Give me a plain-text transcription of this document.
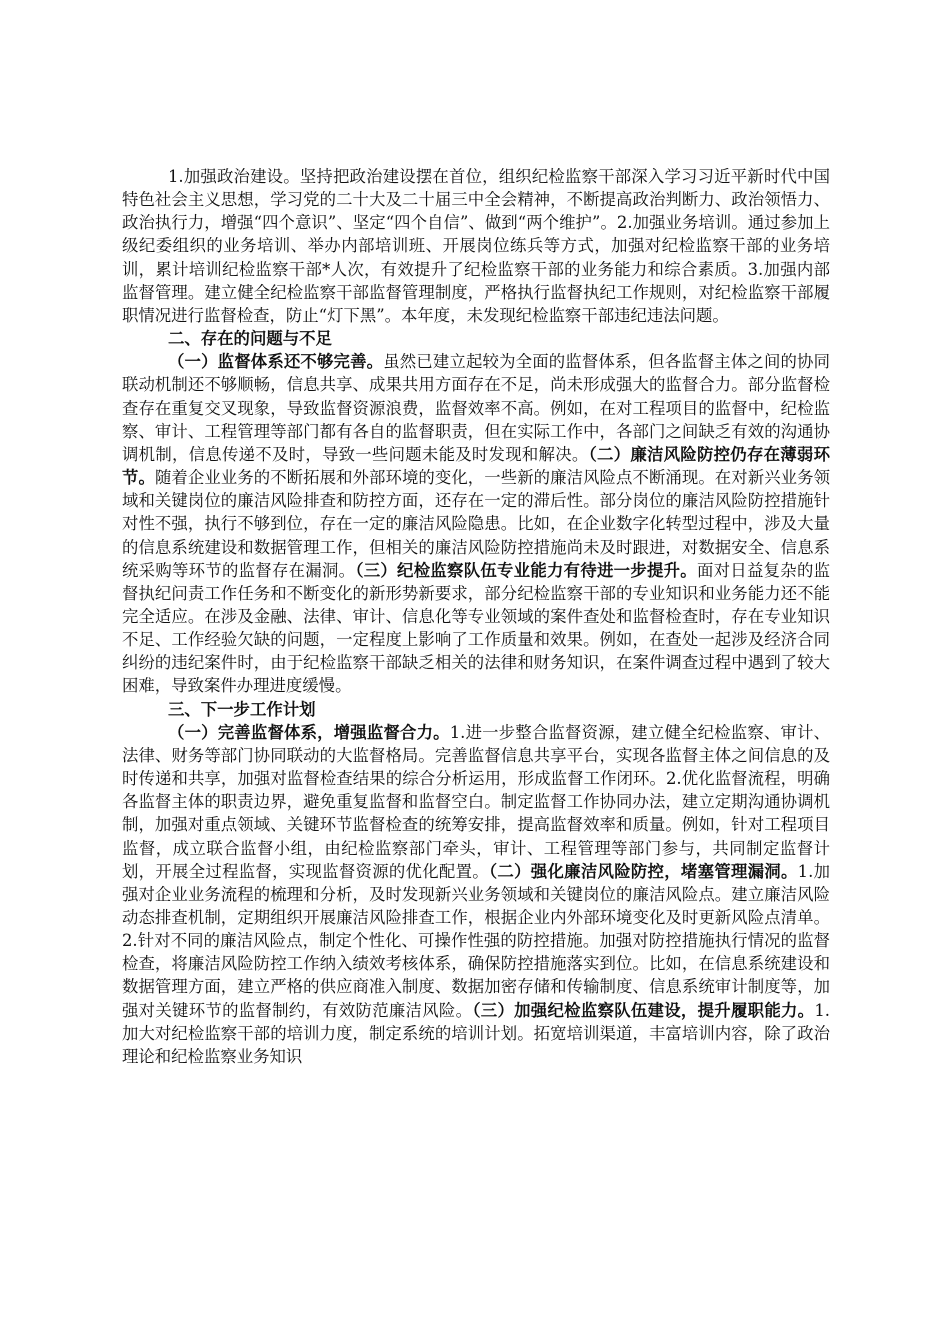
1.加强政治建设。坚持把政治建设摆在首位，组织纪检监察干部深入学习习近平新时代中国特色社会主义思想，学习党的二十大及二十届三中全会精神，不断提高政治判断力、政治领悟力、政治执行力，增强“四个意识”、坚定“四个自信”、做到“两个维护”。2.加强业务培训。通过参加上级纪委组织的业务培训、举办内部培训班、开展岗位练兵等方式，加强对纪检监察干部的业务培训，累计培训纪检监察干部*人次，有效提升了纪检监察干部的业务能力和综合素质。3.加强内部监督管理。建立健全纪检监察干部监督管理制度，严格执行监督执纪工作规则，对纪检监察干部履职情况进行监督检查，防止“灯下黑”。本年度，未发现纪检监察干部违纪违法问题。

二、存在的问题与不足

（一）监督体系还不够完善。虽然已建立起较为全面的监督体系，但各监督主体之间的协同联动机制还不够顺畅，信息共享、成果共用方面存在不足，尚未形成强大的监督合力。部分监督检查存在重复交叉现象，导致监督资源浪费，监督效率不高。例如，在对工程项目的监督中，纪检监察、审计、工程管理等部门都有各自的监督职责，但在实际工作中，各部门之间缺乏有效的沟通协调机制，信息传递不及时，导致一些问题未能及时发现和解决。（二）廉洁风险防控仍存在薄弱环节。随着企业业务的不断拓展和外部环境的变化，一些新的廉洁风险点不断涌现。在对新兴业务领域和关键岗位的廉洁风险排查和防控方面，还存在一定的滞后性。部分岗位的廉洁风险防控措施针对性不强，执行不够到位，存在一定的廉洁风险隐患。比如，在企业数字化转型过程中，涉及大量的信息系统建设和数据管理工作，但相关的廉洁风险防控措施尚未及时跟进，对数据安全、信息系统采购等环节的监督存在漏洞。（三）纪检监察队伍专业能力有待进一步提升。面对日益复杂的监督执纪问责工作任务和不断变化的新形势新要求，部分纪检监察干部的专业知识和业务能力还不能完全适应。在涉及金融、法律、审计、信息化等专业领域的案件查处和监督检查时，存在专业知识不足、工作经验欠缺的问题，一定程度上影响了工作质量和效果。例如，在查处一起涉及经济合同纠纷的违纪案件时，由于纪检监察干部缺乏相关的法律和财务知识，在案件调查过程中遇到了较大困难，导致案件办理进度缓慢。

三、下一步工作计划

（一）完善监督体系，增强监督合力。1.进一步整合监督资源，建立健全纪检监察、审计、法律、财务等部门协同联动的大监督格局。完善监督信息共享平台，实现各监督主体之间信息的及时传递和共享，加强对监督检查结果的综合分析运用，形成监督工作闭环。2.优化监督流程，明确各监督主体的职责边界，避免重复监督和监督空白。制定监督工作协同办法，建立定期沟通协调机制，加强对重点领域、关键环节监督检查的统筹安排，提高监督效率和质量。例如，针对工程项目监督，成立联合监督小组，由纪检监察部门牵头，审计、工程管理等部门参与，共同制定监督计划，开展全过程监督，实现监督资源的优化配置。（二）强化廉洁风险防控，堵塞管理漏洞。1.加强对企业业务流程的梳理和分析，及时发现新兴业务领域和关键岗位的廉洁风险点。建立廉洁风险动态排查机制，定期组织开展廉洁风险排查工作，根据企业内外部环境变化及时更新风险点清单。2.针对不同的廉洁风险点，制定个性化、可操作性强的防控措施。加强对防控措施执行情况的监督检查，将廉洁风险防控工作纳入绩效考核体系，确保防控措施落实到位。比如，在信息系统建设和数据管理方面，建立严格的供应商准入制度、数据加密存储和传输制度、信息系统审计制度等，加强对关键环节的监督制约，有效防范廉洁风险。（三）加强纪检监察队伍建设，提升履职能力。1.加大对纪检监察干部的培训力度，制定系统的培训计划。拓宽培训渠道，丰富培训内容，除了政治理论和纪检监察业务知识
